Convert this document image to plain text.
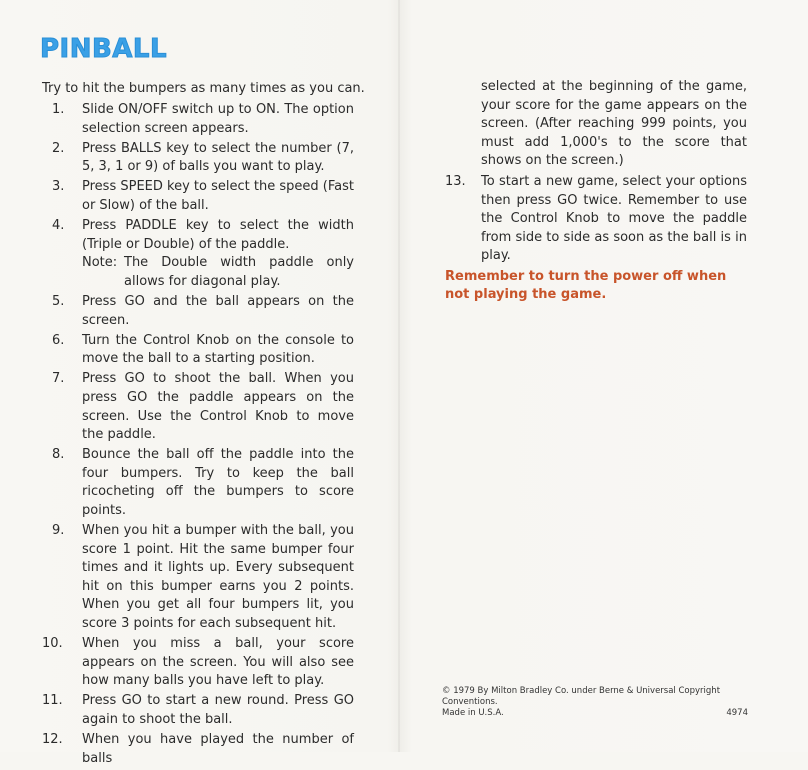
PINBALL

Try to hit the bumpers as many times as you can.

1.	Slide ON/OFF switch up to ON. The option selection screen appears.
2.	Press BALLS key to select the number (7, 5, 3, 1 or 9) of balls you want to play.
3.	Press SPEED key to select the speed (Fast or Slow) of the ball.
4.	Press PADDLE key to select the width (Triple or Double) of the paddle.
Note: The Double width paddle only allows for diagonal play.
5.	Press GO and the ball appears on the screen.
6.	Turn the Control Knob on the console to move the ball to a starting position.
7.	Press GO to shoot the ball. When you press GO the paddle appears on the screen. Use the Control Knob to move the paddle.
8.	Bounce the ball off the paddle into the four bumpers. Try to keep the ball ricocheting off the bumpers to score points.
9.	When you hit a bumper with the ball, you score 1 point. Hit the same bumper four times and it lights up. Every subsequent hit on this bumper earns you 2 points. When you get all four bumpers lit, you score 3 points for each subsequent hit.
10.	When you miss a ball, your score appears on the screen. You will also see how many balls you have left to play.
11.	Press GO to start a new round. Press GO again to shoot the ball.
12.	When you have played the number of balls

selected at the beginning of the game, your score for the game appears on the screen. (After reaching 999 points, you must add 1,000's to the score that shows on the screen.)

13.	To start a new game, select your options then press GO twice. Remember to use the Control Knob to move the paddle from side to side as soon as the ball is in play.
Remember to turn the power off when not playing the game.
© 1979 By Milton Bradley Co. under Berne & Universal Copyright Conventions.
Made in U.S.A.	4974
